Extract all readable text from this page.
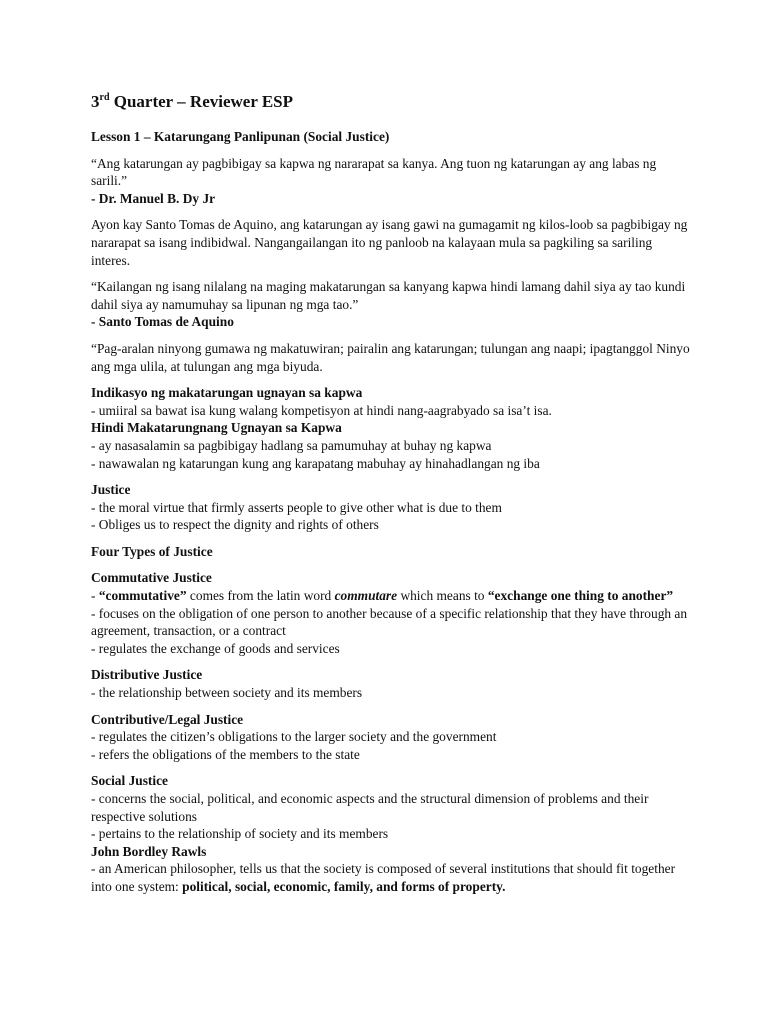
3rd Quarter – Reviewer ESP
Lesson 1 – Katarungang Panlipunan (Social Justice)

“Ang katarungan ay pagbibigay sa kapwa ng nararapat sa kanya. Ang tuon ng katarungan ay ang labas ng sarili.”
- Dr. Manuel B. Dy Jr

Ayon kay Santo Tomas de Aquino, ang katarungan ay isang gawi na gumagamit ng kilos-loob sa pagbibigay ng nararapat sa isang indibidwal. Nangangailangan ito ng panloob na kalayaan mula sa pagkiling sa sariling interes.

“Kailangan ng isang nilalang na maging makatarungan sa kanyang kapwa hindi lamang dahil siya ay tao kundi dahil siya ay namumuhay sa lipunan ng mga tao.”
- Santo Tomas de Aquino

“Pag-aralan ninyong gumawa ng makatuwiran; pairalin ang katarungan; tulungan ang naapi; ipagtanggol Ninyo ang mga ulila, at tulungan ang mga biyuda.

Indikasyo ng makatarungan ugnayan sa kapwa
- umiiral sa bawat isa kung walang kompetisyon at hindi nang-aagrabyado sa isa’t isa.
Hindi Makatarungnang Ugnayan sa Kapwa
- ay nasasalamin sa pagbibigay hadlang sa pamumuhay at buhay ng kapwa
- nawawalan ng katarungan kung ang karapatang mabuhay ay hinahadlangan ng iba
Justice
- the moral virtue that firmly asserts people to give other what is due to them
- Obliges us to respect the dignity and rights of others

Four Types of Justice

Commutative Justice
- “commutative” comes from the latin word commutare which means to “exchange one thing to another”
- focuses on the obligation of one person to another because of a specific relationship that they have through an agreement, transaction, or a contract
- regulates the exchange of goods and services
Distributive Justice
- the relationship between society and its members
Contributive/Legal Justice
- regulates the citizen’s obligations to the larger society and the government
- refers the obligations of the members to the state
Social Justice
- concerns the social, political, and economic aspects and the structural dimension of problems and their respective solutions
- pertains to the relationship of society and its members
John Bordley Rawls
- an American philosopher, tells us that the society is composed of several institutions that should fit together into one system: political, social, economic, family, and forms of property.
